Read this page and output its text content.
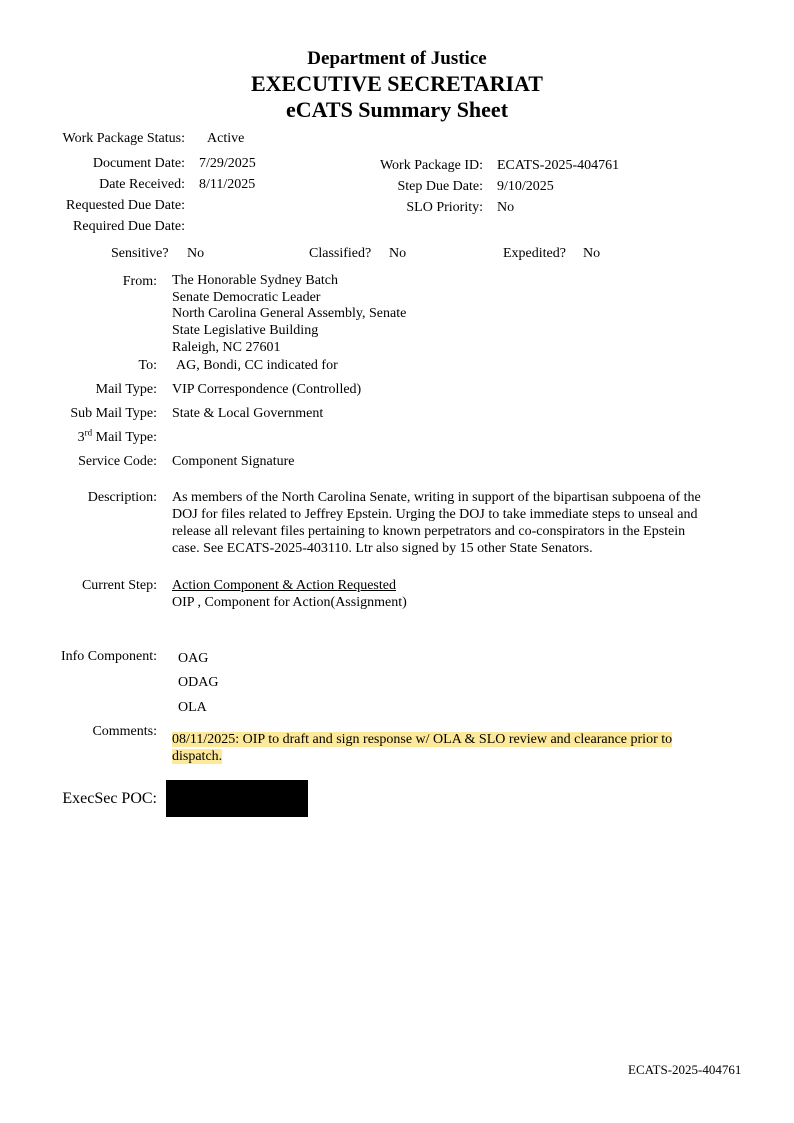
Department of Justice
EXECUTIVE SECRETARIAT
eCATS Summary Sheet
Work Package Status: Active
Document Date: 7/29/2025
Date Received: 8/11/2025
Requested Due Date:
Required Due Date:
Work Package ID: ECATS-2025-404761
Step Due Date: 9/10/2025
SLO Priority: No
Sensitive? No	Classified? No	Expedited? No
From: The Honorable Sydney Batch
Senate Democratic Leader
North Carolina General Assembly, Senate
State Legislative Building
Raleigh, NC 27601
To: AG, Bondi, CC indicated for
Mail Type: VIP Correspondence (Controlled)
Sub Mail Type: State & Local Government
3rd Mail Type:
Service Code: Component Signature
Description: As members of the North Carolina Senate, writing in support of the bipartisan subpoena of the DOJ for files related to Jeffrey Epstein. Urging the DOJ to take immediate steps to unseal and release all relevant files pertaining to known perpetrators and co-conspirators in the Epstein case. See ECATS-2025-403110. Ltr also signed by 15 other State Senators.
Current Step: Action Component & Action Requested
OIP , Component for Action(Assignment)
Info Component: OAG
ODAG
OLA
Comments:
08/11/2025: OIP to draft and sign response w/ OLA & SLO review and clearance prior to
dispatch.
ExecSec POC:
ECATS-2025-404761
